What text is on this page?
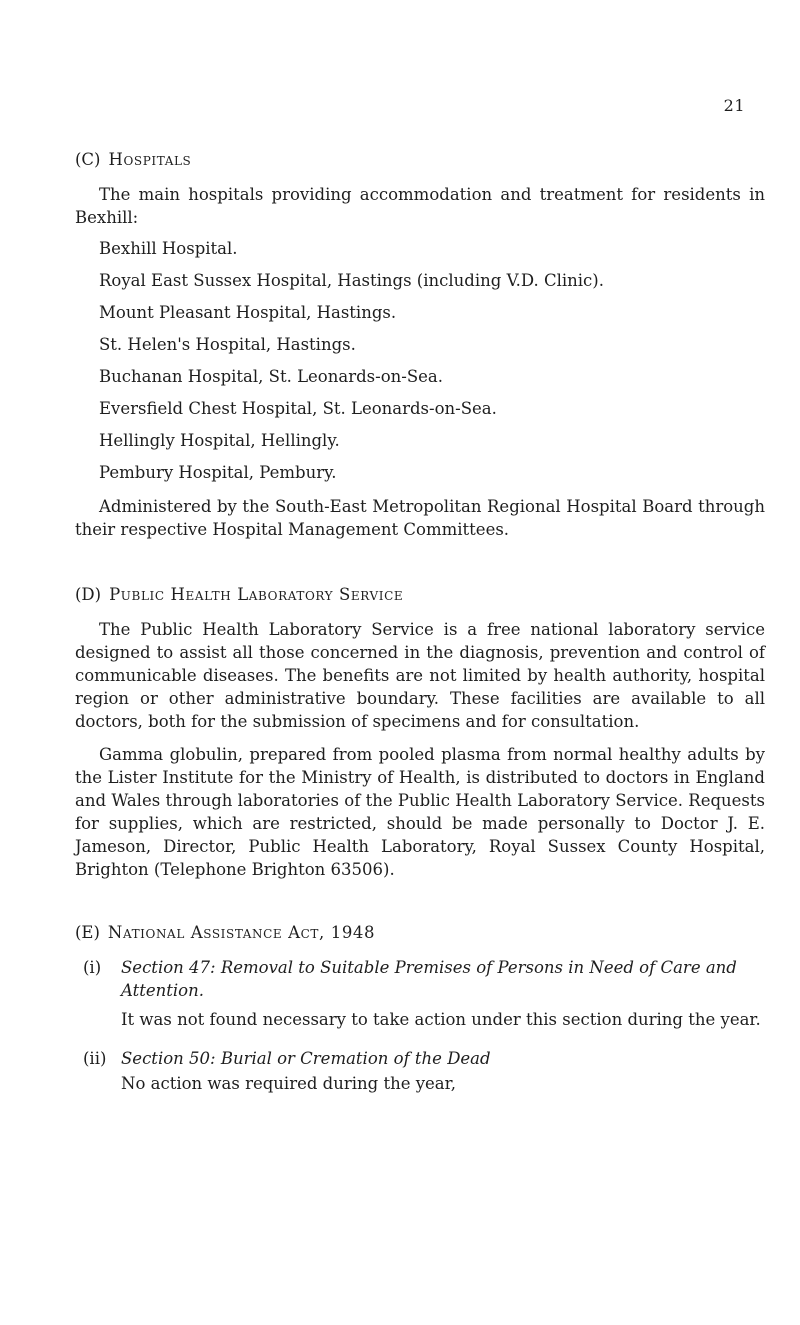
21

(C) Hospitals

The main hospitals providing accommodation and treatment for residents in Bexhill:

Bexhill Hospital.
Royal East Sussex Hospital, Hastings (including V.D. Clinic).
Mount Pleasant Hospital, Hastings.
St. Helen's Hospital, Hastings.
Buchanan Hospital, St. Leonards-on-Sea.
Eversfield Chest Hospital, St. Leonards-on-Sea.
Hellingly Hospital, Hellingly.
Pembury Hospital, Pembury.

Administered by the South-East Metropolitan Regional Hospital Board through their respective Hospital Management Committees.

(D) Public Health Laboratory Service

The Public Health Laboratory Service is a free national laboratory service designed to assist all those concerned in the diagnosis, prevention and control of communicable diseases. The benefits are not limited by health authority, hospital region or other administrative boundary. These facilities are available to all doctors, both for the submission of specimens and for consultation.

Gamma globulin, prepared from pooled plasma from normal healthy adults by the Lister Institute for the Ministry of Health, is distributed to doctors in England and Wales through laboratories of the Public Health Laboratory Service. Requests for supplies, which are restricted, should be made personally to Doctor J. E. Jameson, Director, Public Health Laboratory, Royal Sussex County Hospital, Brighton (Telephone Brighton 63506).

(E) National Assistance Act, 1948

(i) Section 47: Removal to Suitable Premises of Persons in Need of Care and Attention.

It was not found necessary to take action under this section during the year.

(ii) Section 50: Burial or Cremation of the Dead

No action was required during the year,
